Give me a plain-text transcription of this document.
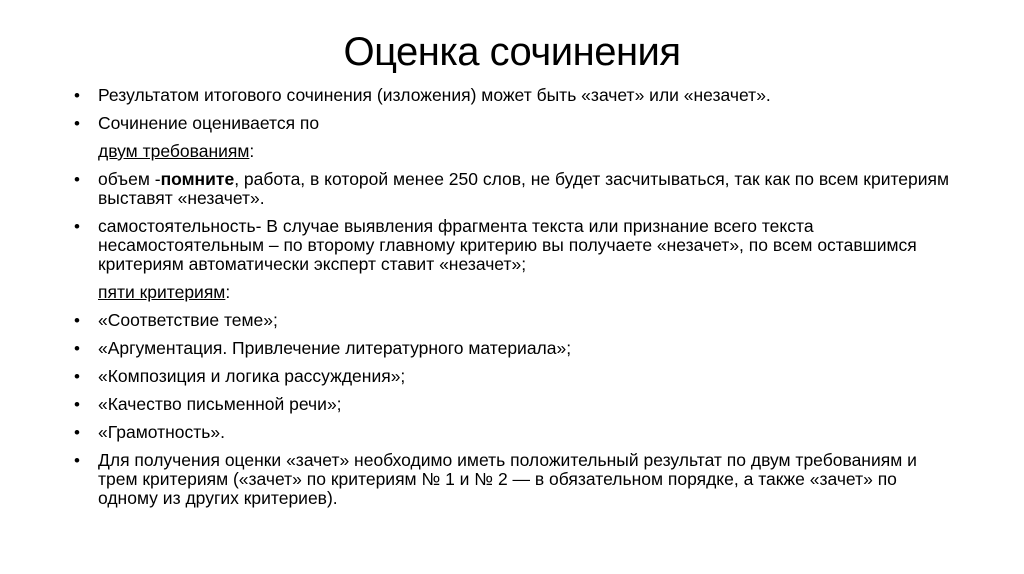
Оценка сочинения
• Результатом итогового сочинения (изложения) может быть «зачет» или «незачет».
• Сочинение оценивается по
двум требованиям:
• объем -помните, работа, в которой менее 250 слов, не будет засчитываться, так как по всем критериям выставят «незачет».
• самостоятельность- В случае выявления фрагмента текста или признание всего текста несамостоятельным – по второму главному критерию вы получаете «незачет», по всем оставшимся критериям автоматически эксперт ставит «незачет»;
пяти критериям:
• «Соответствие теме»;
• «Аргументация. Привлечение литературного материала»;
• «Композиция и логика рассуждения»;
• «Качество письменной речи»;
• «Грамотность».
• Для получения оценки «зачет» необходимо иметь положительный результат по двум требованиям и трем критериям («зачет» по критериям № 1 и № 2 — в обязательном порядке, а также «зачет» по одному из других критериев).
